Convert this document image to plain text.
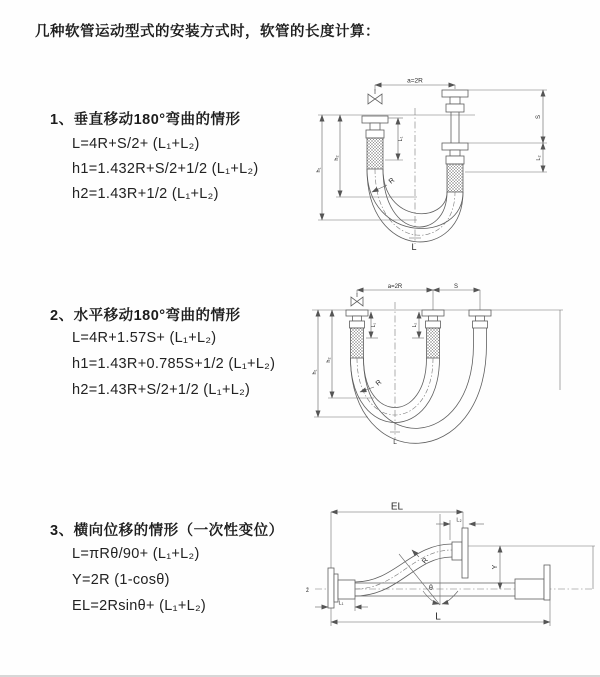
几种软管运动型式的安装方式时，软管的长度计算：
1、垂直移动180°弯曲的情形
L=4R+S/2+ (L₁+L₂)
h1=1.432R+S/2+1/2 (L₁+L₂)
h2=1.43R+1/2 (L₁+L₂)
a=2R
L₁
S
L₂
h₁
h₂
R
L
2、水平移动180°弯曲的情形
L=4R+1.57S+ (L₁+L₂)
h1=1.43R+0.785S+1/2 (L₁+L₂)
h2=1.43R+S/2+1/2 (L₁+L₂)
a=2R	S
L₁	L₂
h₁
h₂
R
L
3、横向位移的情形（一次性变位）
L=πRθ/90+ (L₁+L₂)
Y=2R (1-cosθ)
EL=2Rsinθ+ (L₁+L₂)
z̄
EL
L₂
Y
θ
R
L₁
L
